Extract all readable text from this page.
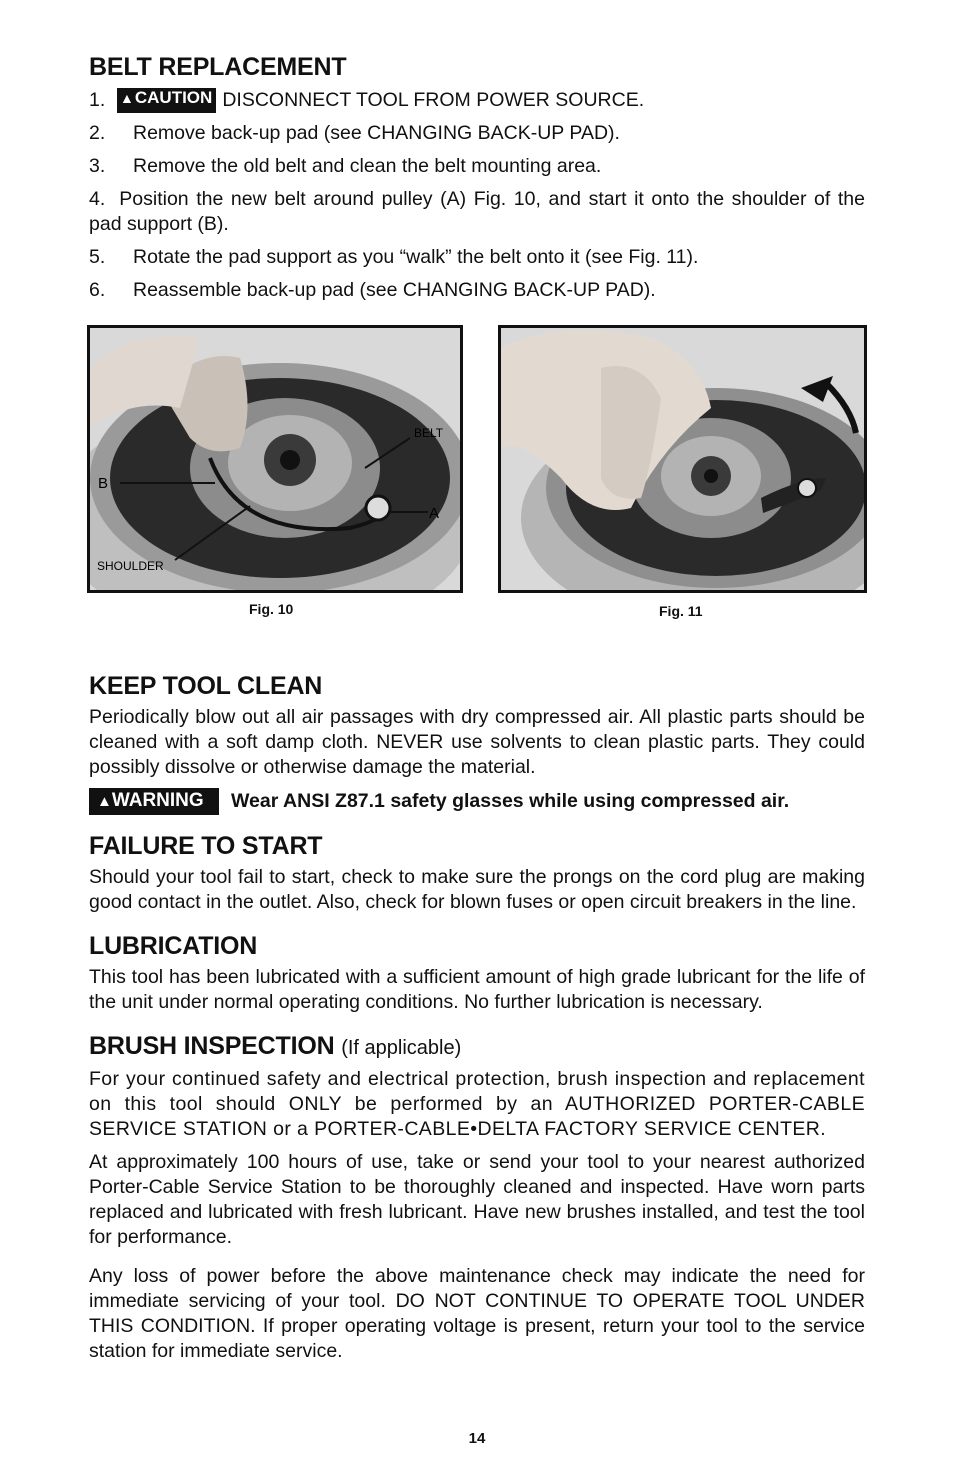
BELT REPLACEMENT
1.	▲CAUTION DISCONNECT TOOL FROM POWER SOURCE.
2.	Remove back-up pad (see CHANGING BACK-UP PAD).
3.	Remove the old belt and clean the belt mounting area.
4. Position the new belt around pulley (A) Fig. 10, and start it onto the shoulder of the pad support (B).
5.	Rotate the pad support as you “walk” the belt onto it (see Fig. 11).
6.	Reassemble back-up pad (see CHANGING BACK-UP PAD).
B
A
BELT
SHOULDER
Fig. 10	Fig. 11
KEEP TOOL CLEAN

Periodically blow out all air passages with dry compressed air. All plastic parts should be cleaned with a soft damp cloth. NEVER use solvents to clean plastic parts. They could possibly dissolve or otherwise damage the material.

▲WARNING	Wear ANSI Z87.1 safety glasses while using compressed air.
FAILURE TO START

Should your tool fail to start, check to make sure the prongs on the cord plug are making good contact in the outlet. Also, check for blown fuses or open circuit breakers in the line.

LUBRICATION

This tool has been lubricated with a sufficient amount of high grade lubricant for the life of the unit under normal operating conditions. No further lubrication is necessary.

BRUSH INSPECTION (If applicable)

For your continued safety and electrical protection, brush inspection and replacement on this tool should ONLY be performed by an AUTHORIZED PORTER-CABLE SERVICE STATION or a PORTER-CABLE•DELTA FACTORY SERVICE CENTER.

At approximately 100 hours of use, take or send your tool to your nearest authorized Porter-Cable Service Station to be thoroughly cleaned and inspected. Have worn parts replaced and lubricated with fresh lubricant. Have new brushes installed, and test the tool for performance.

Any loss of power before the above maintenance check may indicate the need for immediate servicing of your tool. DO NOT CONTINUE TO OPERATE TOOL UNDER THIS CONDITION. If proper operating voltage is present, return your tool to the service station for immediate service.

14
